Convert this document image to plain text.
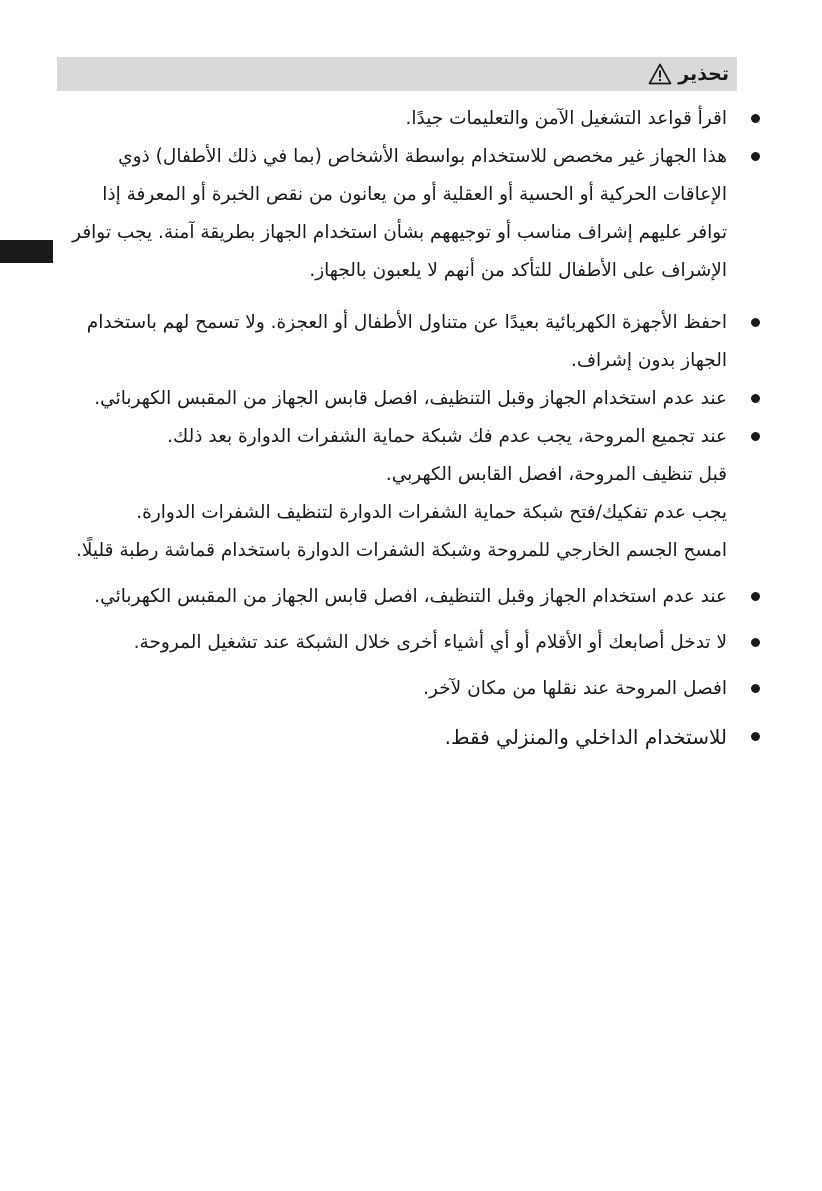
تحذير
اقرأ قواعد التشغيل الآمن والتعليمات جيدًا.
هذا الجهاز غير مخصص للاستخدام بواسطة الأشخاص (بما في ذلك الأطفال) ذوي الإعاقات الحركية أو الحسية أو العقلية أو من يعانون من نقص الخبرة أو المعرفة إذا توافر عليهم إشراف مناسب أو توجيههم بشأن استخدام الجهاز بطريقة آمنة. يجب توافر الإشراف على الأطفال للتأكد من أنهم لا يلعبون بالجهاز.
احفظ الأجهزة الكهربائية بعيدًا عن متناول الأطفال أو العجزة. ولا تسمح لهم باستخدام الجهاز بدون إشراف.
عند عدم استخدام الجهاز وقبل التنظيف، افصل قابس الجهاز من المقبس الكهربائي.
عند تجميع المروحة، يجب عدم فك شبكة حماية الشفرات الدوارة بعد ذلك.
قبل تنظيف المروحة، افصل القابس الكهربي.
يجب عدم تفكيك/فتح شبكة حماية الشفرات الدوارة لتنظيف الشفرات الدوارة.
امسح الجسم الخارجي للمروحة وشبكة الشفرات الدوارة باستخدام قماشة رطبة قليلًا.
عند عدم استخدام الجهاز وقبل التنظيف، افصل قابس الجهاز من المقبس الكهربائي.
لا تدخل أصابعك أو الأقلام أو أي أشياء أخرى خلال الشبكة عند تشغيل المروحة.
افصل المروحة عند نقلها من مكان لآخر.
للاستخدام الداخلي والمنزلي فقط.
